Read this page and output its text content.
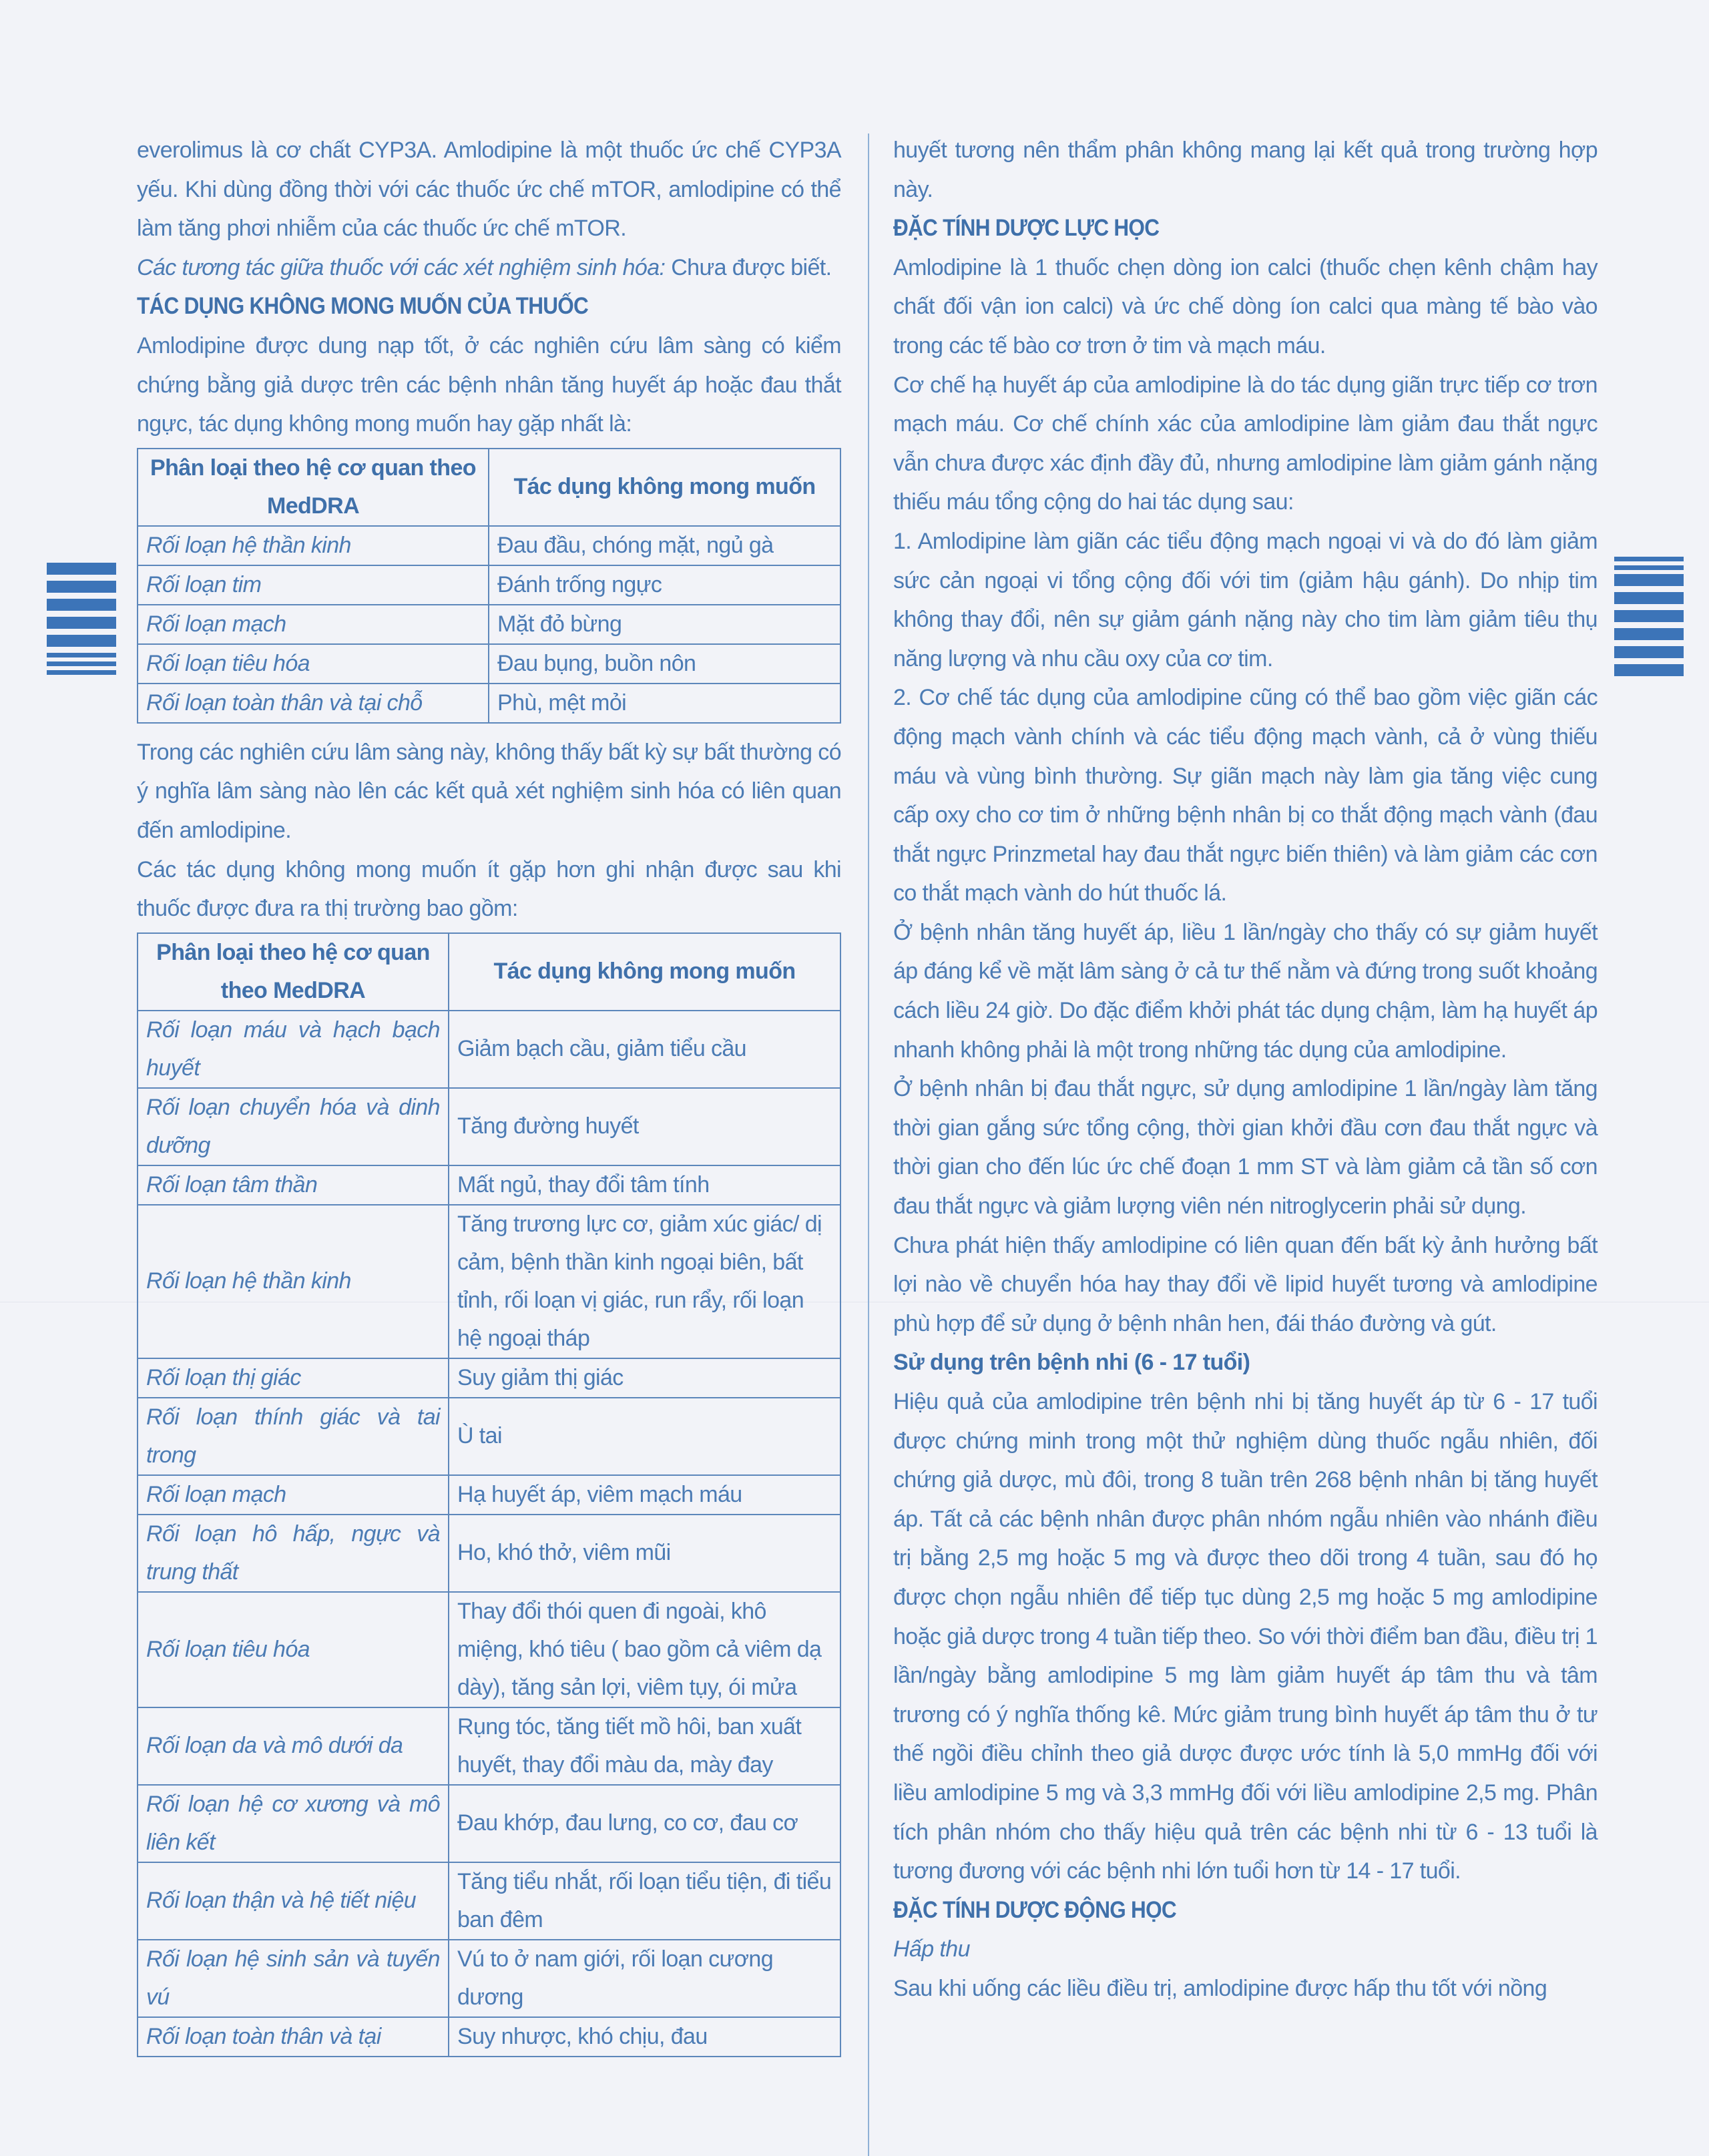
everolimus là cơ chất CYP3A. Amlodipine là một thuốc ức chế CYP3A yếu. Khi dùng đồng thời với các thuốc ức chế mTOR, amlodipine có thể làm tăng phơi nhiễm của các thuốc ức chế mTOR.

Các tương tác giữa thuốc với các xét nghiệm sinh hóa: Chưa được biết.

TÁC DỤNG KHÔNG MONG MUỐN CỦA THUỐC

Amlodipine được dung nạp tốt, ở các nghiên cứu lâm sàng có kiểm chứng bằng giả dược trên các bệnh nhân tăng huyết áp hoặc đau thắt ngực, tác dụng không mong muốn hay gặp nhất là:

Phân loại theo hệ cơ quan theo MedDRA	Tác dụng không mong muốn
Rối loạn hệ thần kinh	Đau đầu, chóng mặt, ngủ gà
Rối loạn tim	Đánh trống ngực
Rối loạn mạch	Mặt đỏ bừng
Rối loạn tiêu hóa	Đau bụng, buồn nôn
Rối loạn toàn thân và tại chỗ	Phù, mệt mỏi

Trong các nghiên cứu lâm sàng này, không thấy bất kỳ sự bất thường có ý nghĩa lâm sàng nào lên các kết quả xét nghiệm sinh hóa có liên quan đến amlodipine.

Các tác dụng không mong muốn ít gặp hơn ghi nhận được sau khi thuốc được đưa ra thị trường bao gồm:

Phân loại theo hệ cơ quan theo MedDRA	Tác dụng không mong muốn
Rối loạn máu và hạch bạch huyết	Giảm bạch cầu, giảm tiểu cầu
Rối loạn chuyển hóa và dinh dưỡng	Tăng đường huyết
Rối loạn tâm thần	Mất ngủ, thay đổi tâm tính
Rối loạn hệ thần kinh	Tăng trương lực cơ, giảm xúc giác/ dị cảm, bệnh thần kinh ngoại biên, bất tỉnh, rối loạn vị giác, run rẩy, rối loạn hệ ngoại tháp
Rối loạn thị giác	Suy giảm thị giác
Rối loạn thính giác và tai trong	Ù tai
Rối loạn mạch	Hạ huyết áp, viêm mạch máu
Rối loạn hô hấp, ngực và trung thất	Ho, khó thở, viêm mũi
Rối loạn tiêu hóa	Thay đổi thói quen đi ngoài, khô miệng, khó tiêu ( bao gồm cả viêm dạ dày), tăng sản lợi, viêm tụy, ói mửa
Rối loạn da và mô dưới da	Rụng tóc, tăng tiết mồ hôi, ban xuất huyết, thay đổi màu da, mày đay
Rối loạn hệ cơ xương và mô liên kết	Đau khớp, đau lưng, co cơ, đau cơ
Rối loạn thận và hệ tiết niệu	Tăng tiểu nhắt, rối loạn tiểu tiện, đi tiểu ban đêm
Rối loạn hệ sinh sản và tuyến vú	Vú to ở nam giới, rối loạn cương dương
Rối loạn toàn thân và tại	Suy nhược, khó chịu, đau

huyết tương nên thẩm phân không mang lại kết quả trong trường hợp này.

ĐẶC TÍNH DƯỢC LỰC HỌC

Amlodipine là 1 thuốc chẹn dòng ion calci (thuốc chẹn kênh chậm hay chất đối vận ion calci) và ức chế dòng íon calci qua màng tế bào vào trong các tế bào cơ trơn ở tim và mạch máu.

Cơ chế hạ huyết áp của amlodipine là do tác dụng giãn trực tiếp cơ trơn mạch máu. Cơ chế chính xác của amlodipine làm giảm đau thắt ngực vẫn chưa được xác định đầy đủ, nhưng amlodipine làm giảm gánh nặng thiếu máu tổng cộng do hai tác dụng sau:

1. Amlodipine làm giãn các tiểu động mạch ngoại vi và do đó làm giảm sức cản ngoại vi tổng cộng đối với tim (giảm hậu gánh). Do nhịp tim không thay đổi, nên sự giảm gánh nặng này cho tim làm giảm tiêu thụ năng lượng và nhu cầu oxy của cơ tim.

2. Cơ chế tác dụng của amlodipine cũng có thể bao gồm việc giãn các động mạch vành chính và các tiểu động mạch vành, cả ở vùng thiếu máu và vùng bình thường. Sự giãn mạch này làm gia tăng việc cung cấp oxy cho cơ tim ở những bệnh nhân bị co thắt động mạch vành (đau thắt ngực Prinzmetal hay đau thắt ngực biến thiên) và làm giảm các cơn co thắt mạch vành do hút thuốc lá.

Ở bệnh nhân tăng huyết áp, liều 1 lần/ngày cho thấy có sự giảm huyết áp đáng kể về mặt lâm sàng ở cả tư thế nằm và đứng trong suốt khoảng cách liều 24 giờ. Do đặc điểm khởi phát tác dụng chậm, làm hạ huyết áp nhanh không phải là một trong những tác dụng của amlodipine.

Ở bệnh nhân bị đau thắt ngực, sử dụng amlodipine 1 lần/ngày làm tăng thời gian gắng sức tổng cộng, thời gian khởi đầu cơn đau thắt ngực và thời gian cho đến lúc ức chế đoạn 1 mm ST và làm giảm cả tần số cơn đau thắt ngực và giảm lượng viên nén nitroglycerin phải sử dụng.

Chưa phát hiện thấy amlodipine có liên quan đến bất kỳ ảnh hưởng bất lợi nào về chuyển hóa hay thay đổi về lipid huyết tương và amlodipine phù hợp để sử dụng ở bệnh nhân hen, đái tháo đường và gút.

Sử dụng trên bệnh nhi (6 - 17 tuổi)

Hiệu quả của amlodipine trên bệnh nhi bị tăng huyết áp từ 6 - 17 tuổi được chứng minh trong một thử nghiệm dùng thuốc ngẫu nhiên, đối chứng giả dược, mù đôi, trong 8 tuần trên 268 bệnh nhân bị tăng huyết áp. Tất cả các bệnh nhân được phân nhóm ngẫu nhiên vào nhánh điều trị bằng 2,5 mg hoặc 5 mg và được theo dõi trong 4 tuần, sau đó họ được chọn ngẫu nhiên để tiếp tục dùng 2,5 mg hoặc 5 mg amlodipine hoặc giả dược trong 4 tuần tiếp theo. So với thời điểm ban đầu, điều trị 1 lần/ngày bằng amlodipine 5 mg làm giảm huyết áp tâm thu và tâm trương có ý nghĩa thống kê. Mức giảm trung bình huyết áp tâm thu ở tư thế ngồi điều chỉnh theo giả dược được ước tính là 5,0 mmHg đối với liều amlodipine 5 mg và 3,3 mmHg đối với liều amlodipine 2,5 mg. Phân tích phân nhóm cho thấy hiệu quả trên các bệnh nhi từ 6 - 13 tuổi là tương đương với các bệnh nhi lớn tuổi hơn từ 14 - 17 tuổi.

ĐẶC TÍNH DƯỢC ĐỘNG HỌC

Hấp thu

Sau khi uống các liều điều trị, amlodipine được hấp thu tốt với nồng
